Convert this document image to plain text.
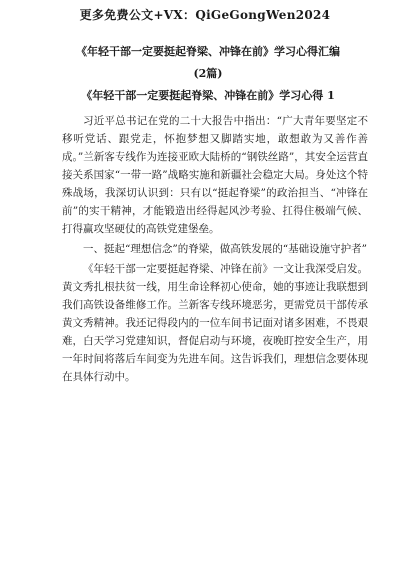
更多免费公文+VX：QiGeGongWen2024
《年轻干部一定要挺起脊梁、冲锋在前》学习心得汇编
(2篇)
《年轻干部一定要挺起脊梁、冲锋在前》学习心得 1

习近平总书记在党的二十大报告中指出：“广大青年要坚定不移听党话、跟党走，怀抱梦想又脚踏实地，敢想敢为又善作善成。”兰新客专线作为连接亚欧大陆桥的“钢铁丝路”，其安全运营直接关系国家“一带一路”战略实施和新疆社会稳定大局。身处这个特殊战场，我深切认识到：只有以“挺起脊梁”的政治担当、“冲锋在前”的实干精神，才能锻造出经得起风沙考验、扛得住极端气候、打得赢攻坚硬仗的高铁党建堡垒。

一、挺起“理想信念”的脊梁，做高铁发展的“基础设施守护者”

《年轻干部一定要挺起脊梁、冲锋在前》一文让我深受启发。黄文秀扎根扶贫一线，用生命诠释初心使命，她的事迹让我联想到我们高铁设备维修工作。兰新客专线环境恶劣，更需党员干部传承黄文秀精神。我还记得段内的一位车间书记面对诸多困难，不畏艰难，白天学习党建知识，督促启动与环境，夜晚盯控安全生产，用一年时间将落后车间变为先进车间。这告诉我们，理想信念要体现在具体行动中。
